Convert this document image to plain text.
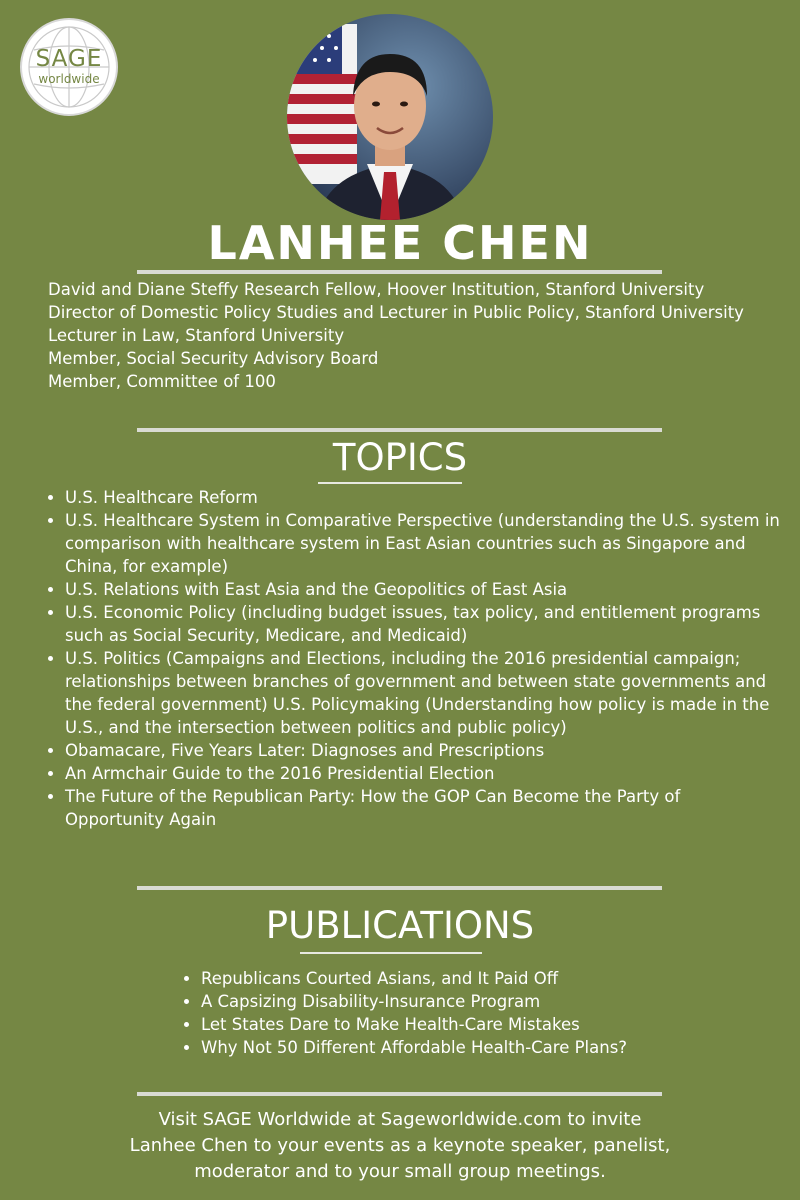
SAGE
worldwide
LANHEE CHEN
David and Diane Steffy Research Fellow, Hoover Institution, Stanford University
Director of Domestic Policy Studies and Lecturer in Public Policy, Stanford University
Lecturer in Law, Stanford University
Member, Social Security Advisory Board
Member, Committee of 100
TOPICS
• U.S. Healthcare Reform
• U.S. Healthcare System in Comparative Perspective (understanding the U.S. system in comparison with healthcare system in East Asian countries such as Singapore and China, for example)
• U.S. Relations with East Asia and the Geopolitics of East Asia
• U.S. Economic Policy (including budget issues, tax policy, and entitlement programs such as Social Security, Medicare, and Medicaid)
• U.S. Politics (Campaigns and Elections, including the 2016 presidential campaign; relationships between branches of government and between state governments and the federal government) U.S. Policymaking (Understanding how policy is made in the U.S., and the intersection between politics and public policy)
• Obamacare, Five Years Later: Diagnoses and Prescriptions
• An Armchair Guide to the 2016 Presidential Election
• The Future of the Republican Party: How the GOP Can Become the Party of Opportunity Again
PUBLICATIONS
• Republicans Courted Asians, and It Paid Off
• A Capsizing Disability-Insurance Program
• Let States Dare to Make Health-Care Mistakes
• Why Not 50 Different Affordable Health-Care Plans?
Visit SAGE Worldwide at Sageworldwide.com to invite
Lanhee Chen to your events as a keynote speaker, panelist,
moderator and to your small group meetings.
